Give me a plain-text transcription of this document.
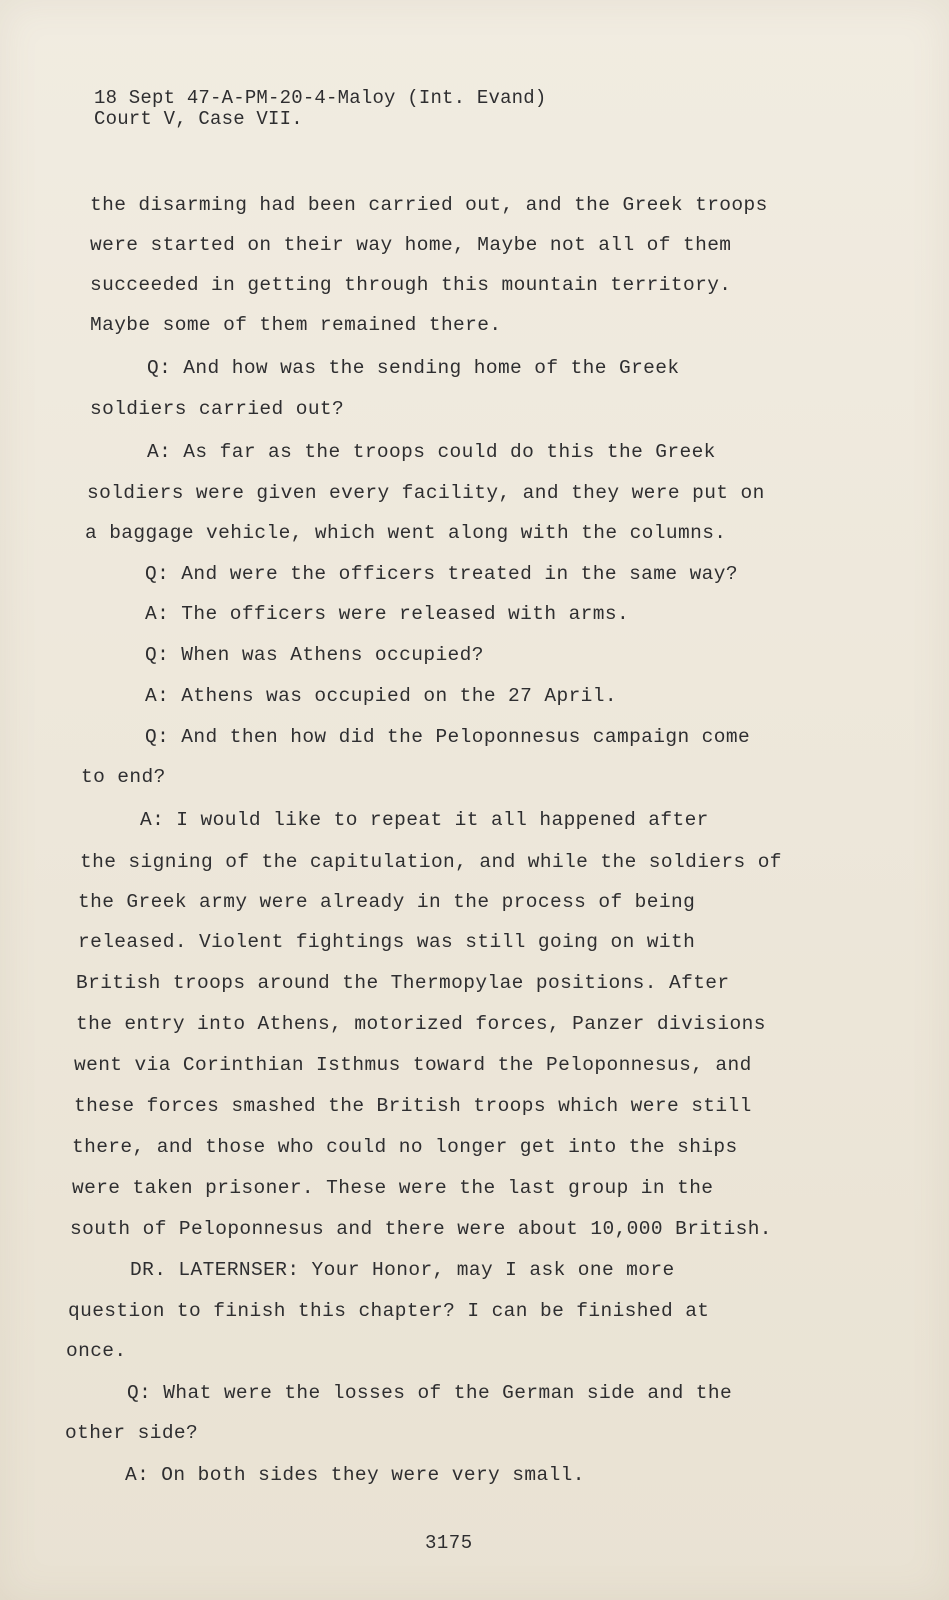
18 Sept 47-A-PM-20-4-Maloy (Int. Evand)
Court V, Case VII.
the disarming had been carried out, and the Greek troops
were started on their way home, Maybe not all of them
succeeded in getting through this mountain territory.
Maybe some of them remained there.
Q: And how was the sending home of the Greek
soldiers carried out?
A: As far as the troops could do this the Greek
soldiers were given every facility, and they were put on
a baggage vehicle, which went along with the columns.
Q: And were the officers treated in the same way?
A: The officers were released with arms.
Q: When was Athens occupied?
A: Athens was occupied on the 27 April.
Q: And then how did the Peloponnesus campaign come
to end?
A: I would like to repeat it all happened after
the signing of the capitulation, and while the soldiers of
the Greek army were already in the process of being
released. Violent fightings was still going on with
British troops around the Thermopylae positions. After
the entry into Athens, motorized forces, Panzer divisions
went via Corinthian Isthmus toward the Peloponnesus, and
these forces smashed the British troops which were still
there, and those who could no longer get into the ships
were taken prisoner. These were the last group in the
south of Peloponnesus and there were about 10,000 British.
DR. LATERNSER: Your Honor, may I ask one more
question to finish this chapter? I can be finished at
once.
Q: What were the losses of the German side and the
other side?
A: On both sides they were very small.
3175
